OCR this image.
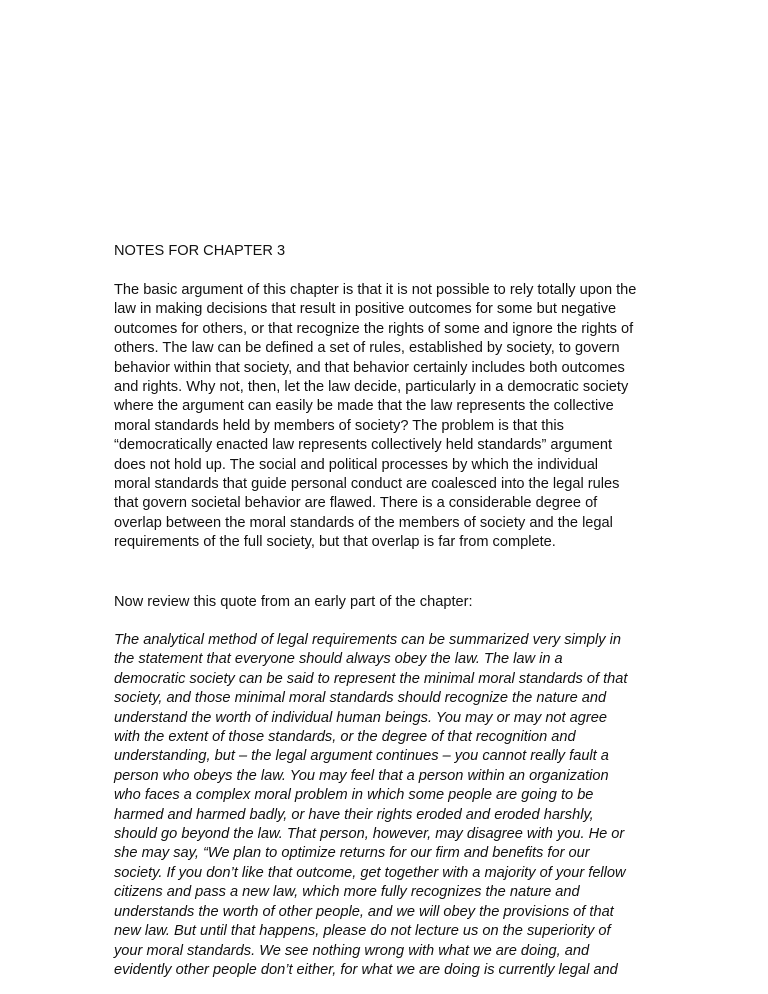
NOTES FOR CHAPTER 3

The basic argument of this chapter is that it is not possible to rely totally upon the
law in making decisions that result in positive outcomes for some but negative
outcomes for others, or that recognize the rights of some and ignore the rights of
others. The law can be defined a set of rules, established by society, to govern
behavior within that society, and that behavior certainly includes both outcomes
and rights. Why not, then, let the law decide, particularly in a democratic society
where the argument can easily be made that the law represents the collective
moral standards held by members of society? The problem is that this
“democratically enacted law represents collectively held standards” argument
does not hold up. The social and political processes by which the individual
moral standards that guide personal conduct are coalesced into the legal rules
that govern societal behavior are flawed. There is a considerable degree of
overlap between the moral standards of the members of society and the legal
requirements of the full society, but that overlap is far from complete.

Now review this quote from an early part of the chapter:

The analytical method of legal requirements can be summarized very simply in
the statement that everyone should always obey the law. The law in a
democratic society can be said to represent the minimal moral standards of that
society, and those minimal moral standards should recognize the nature and
understand the worth of individual human beings. You may or may not agree
with the extent of those standards, or the degree of that recognition and
understanding, but – the legal argument continues – you cannot really fault a
person who obeys the law. You may feel that a person within an organization
who faces a complex moral problem in which some people are going to be
harmed and harmed badly, or have their rights eroded and eroded harshly,
should go beyond the law. That person, however, may disagree with you. He or
she may say, “We plan to optimize returns for our firm and benefits for our
society. If you don’t like that outcome, get together with a majority of your fellow
citizens and pass a new law, which more fully recognizes the nature and
understands the worth of other people, and we will obey the provisions of that
new law. But until that happens, please do not lecture us on the superiority of
your moral standards. We see nothing wrong with what we are doing, and
evidently other people don’t either, for what we are doing is currently legal and
